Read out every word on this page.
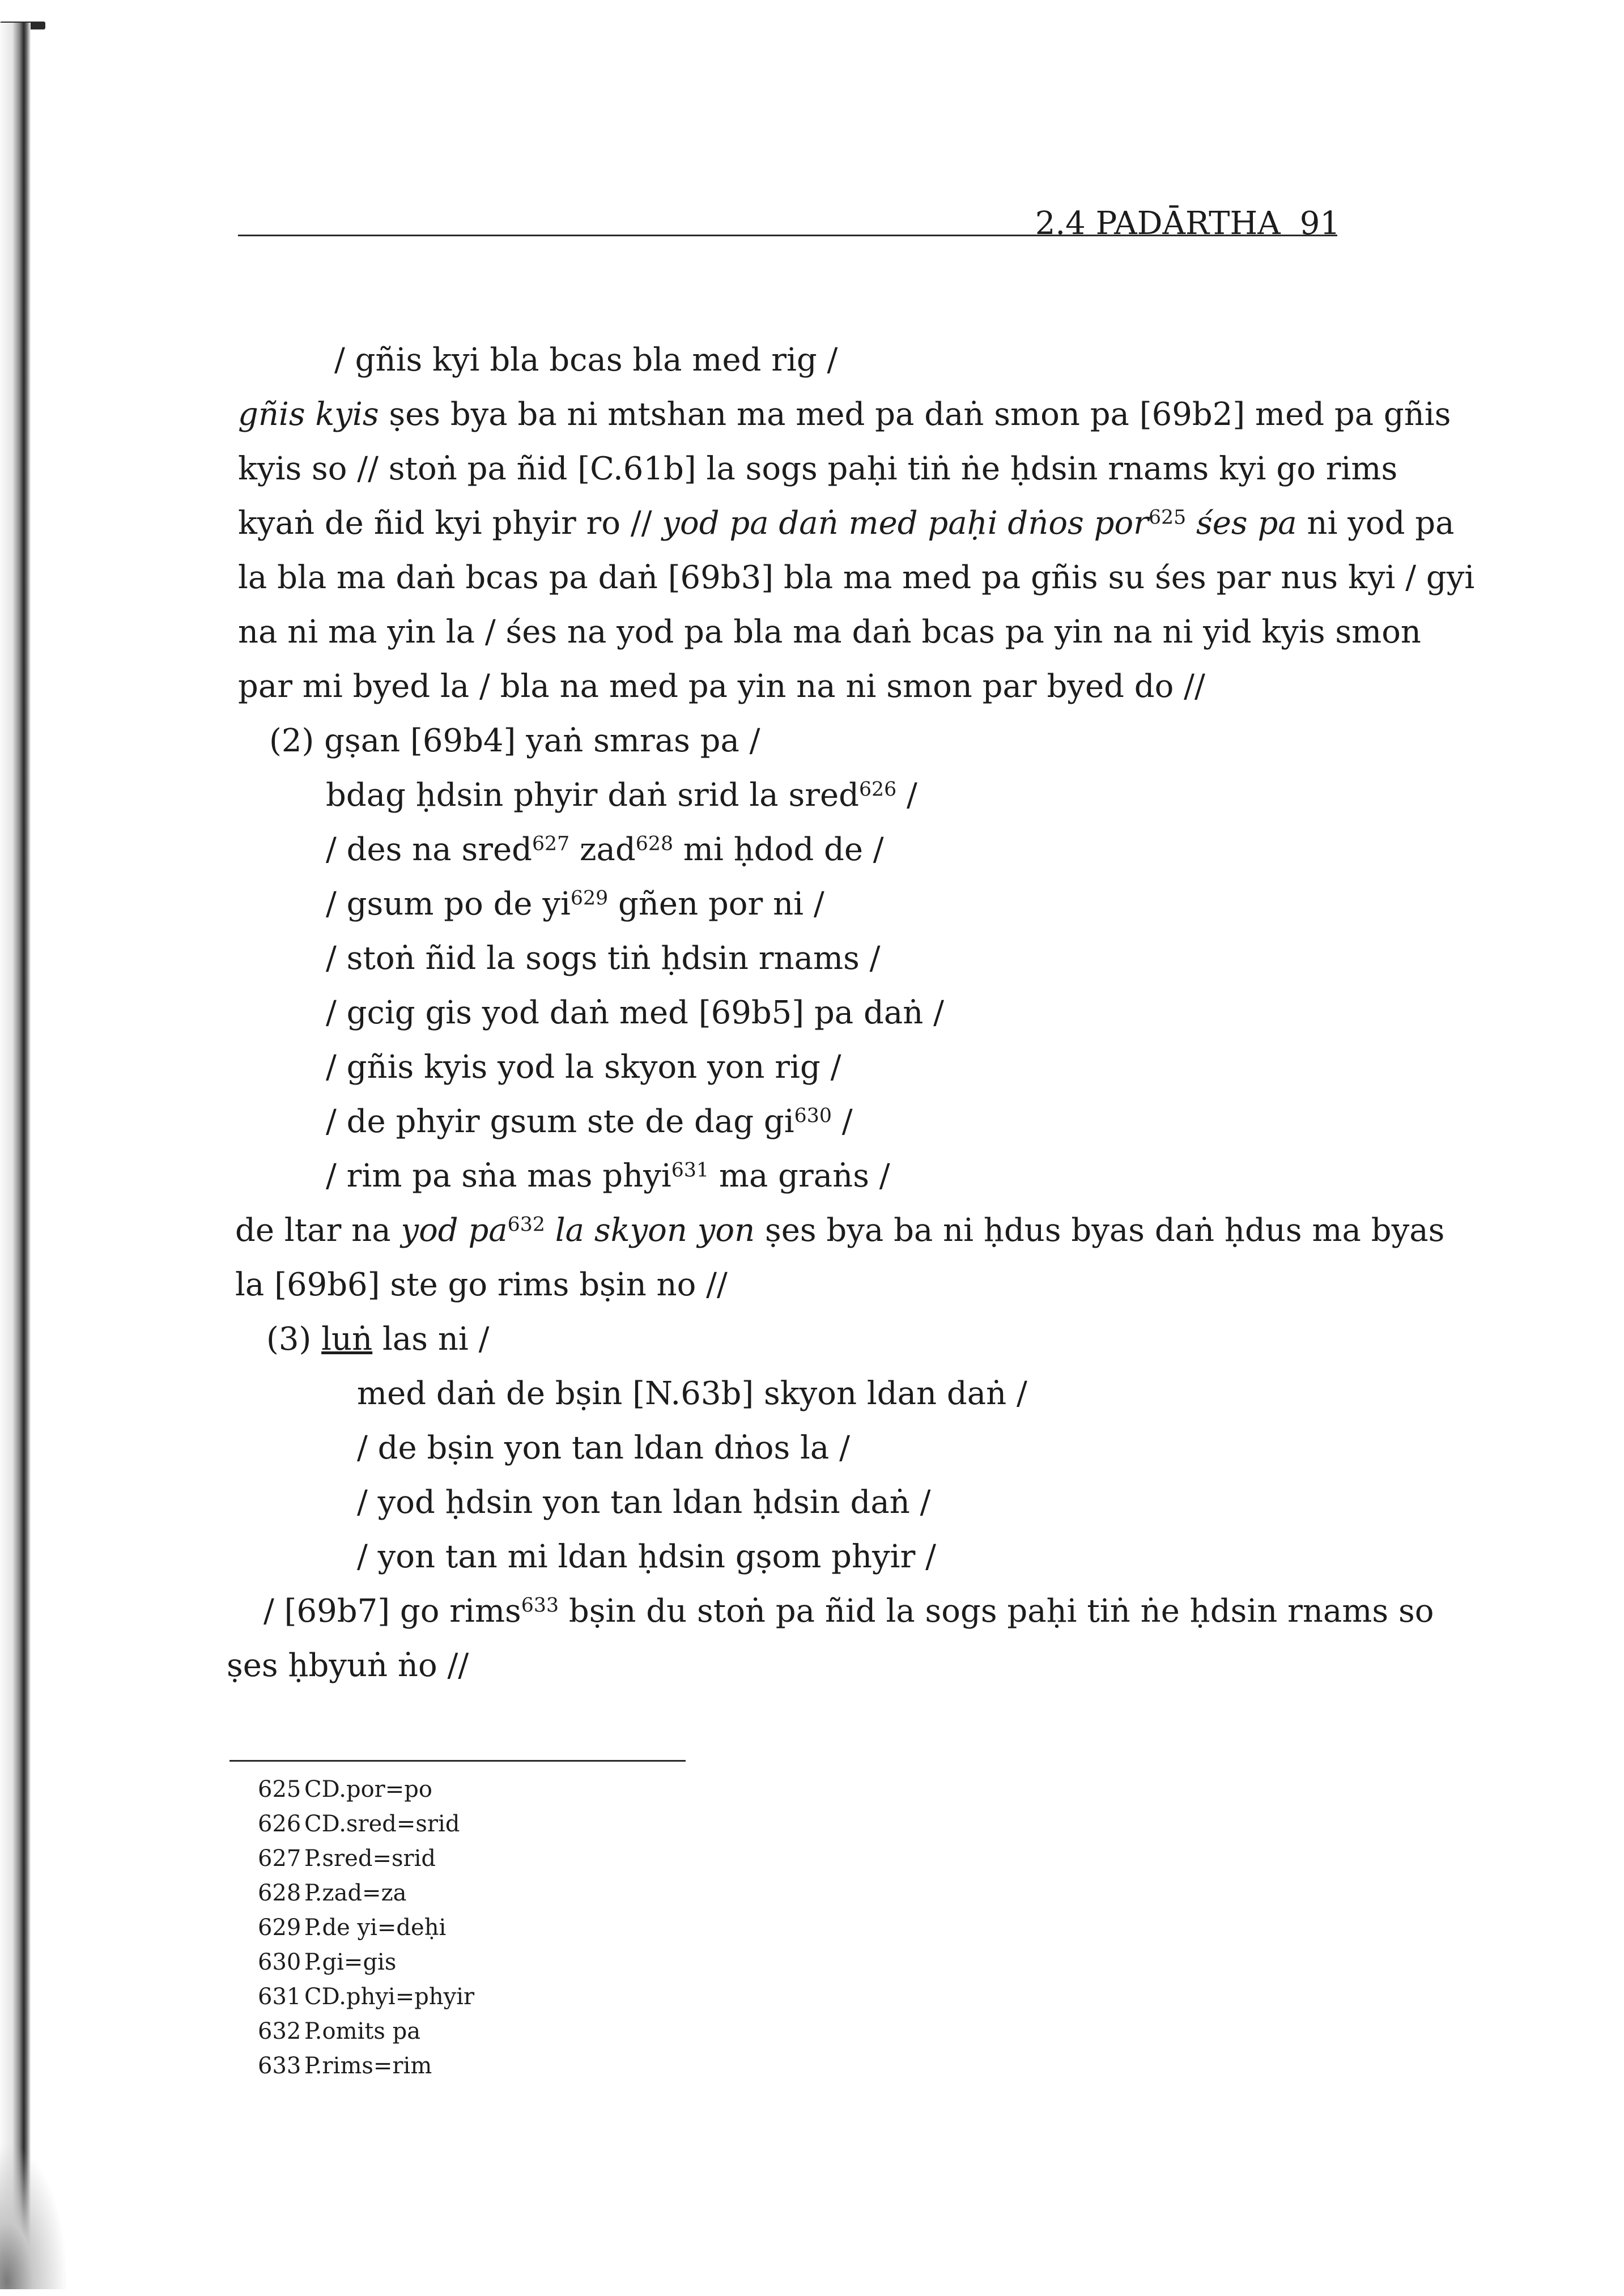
2.4 PADĀRTHA 91
/ gñis kyi bla bcas bla med rig /
gñis kyis ṣes bya ba ni mtshan ma med pa daṅ smon pa [69b2] med pa gñis
kyis so // stoṅ pa ñid [C.61b] la sogs paḥi tiṅ ṅe ḥdsin rnams kyi go rims
kyaṅ de ñid kyi phyir ro // yod pa daṅ med paḥi dṅos por$^{625}$ śes pa ni yod pa
la bla ma daṅ bcas pa daṅ [69b3] bla ma med pa gñis su śes par nus kyi / gyi
na ni ma yin la / śes na yod pa bla ma daṅ bcas pa yin na ni yid kyis smon
par mi byed la / bla na med pa yin na ni smon par byed do //
(2) gṣan [69b4] yaṅ smras pa /
bdag ḥdsin phyir daṅ srid la sred$^{626}$ /
/ des na sred$^{627}$ zad$^{628}$ mi ḥdod de /
/ gsum po de $yi^{629}$ gñen por ni /
/ stoṅ ñid la sogs tiṅ ḥdsin rnams /
/ gcig gis yod daṅ med [69b5] pa daṅ /
/ gñis kyis yod la skyon yon rig /
/ de phyir gsum ste de dag $gi^{630}$ /
/ rim pa sṅa mas phyi$^{631}$ ma graṅs /
de ltar na yod $pa^{632}$ la skyon yon ṣes bya ba ni ḥdus byas daṅ ḥdus ma byas
la [69b6] ste go rims bṣin no //
(3) luṅ las ni /
med daṅ de bṣin [N.63b] skyon ldan daṅ /
/ de bṣin yon tan ldan dṅos la /
/ yod ḥdsin yon tan ldan ḥdsin daṅ /
/ yon tan mi ldan ḥdsin gṣom phyir /
/ [69b7] go rims$^{633}$ bṣin du stoṅ pa ñid la sogs paḥi tiṅ ṅe ḥdsin rnams so
ṣes ḥbyuṅ ṅo //
625 CD.por=po
626 CD.sred=srid
627 P.sred=srid
628 P.zad=za
629 P.de yi=deḥi
630 P.gi=gis
631 CD.phyi=phyir
632 P.omits pa
633 P.rims=rim
